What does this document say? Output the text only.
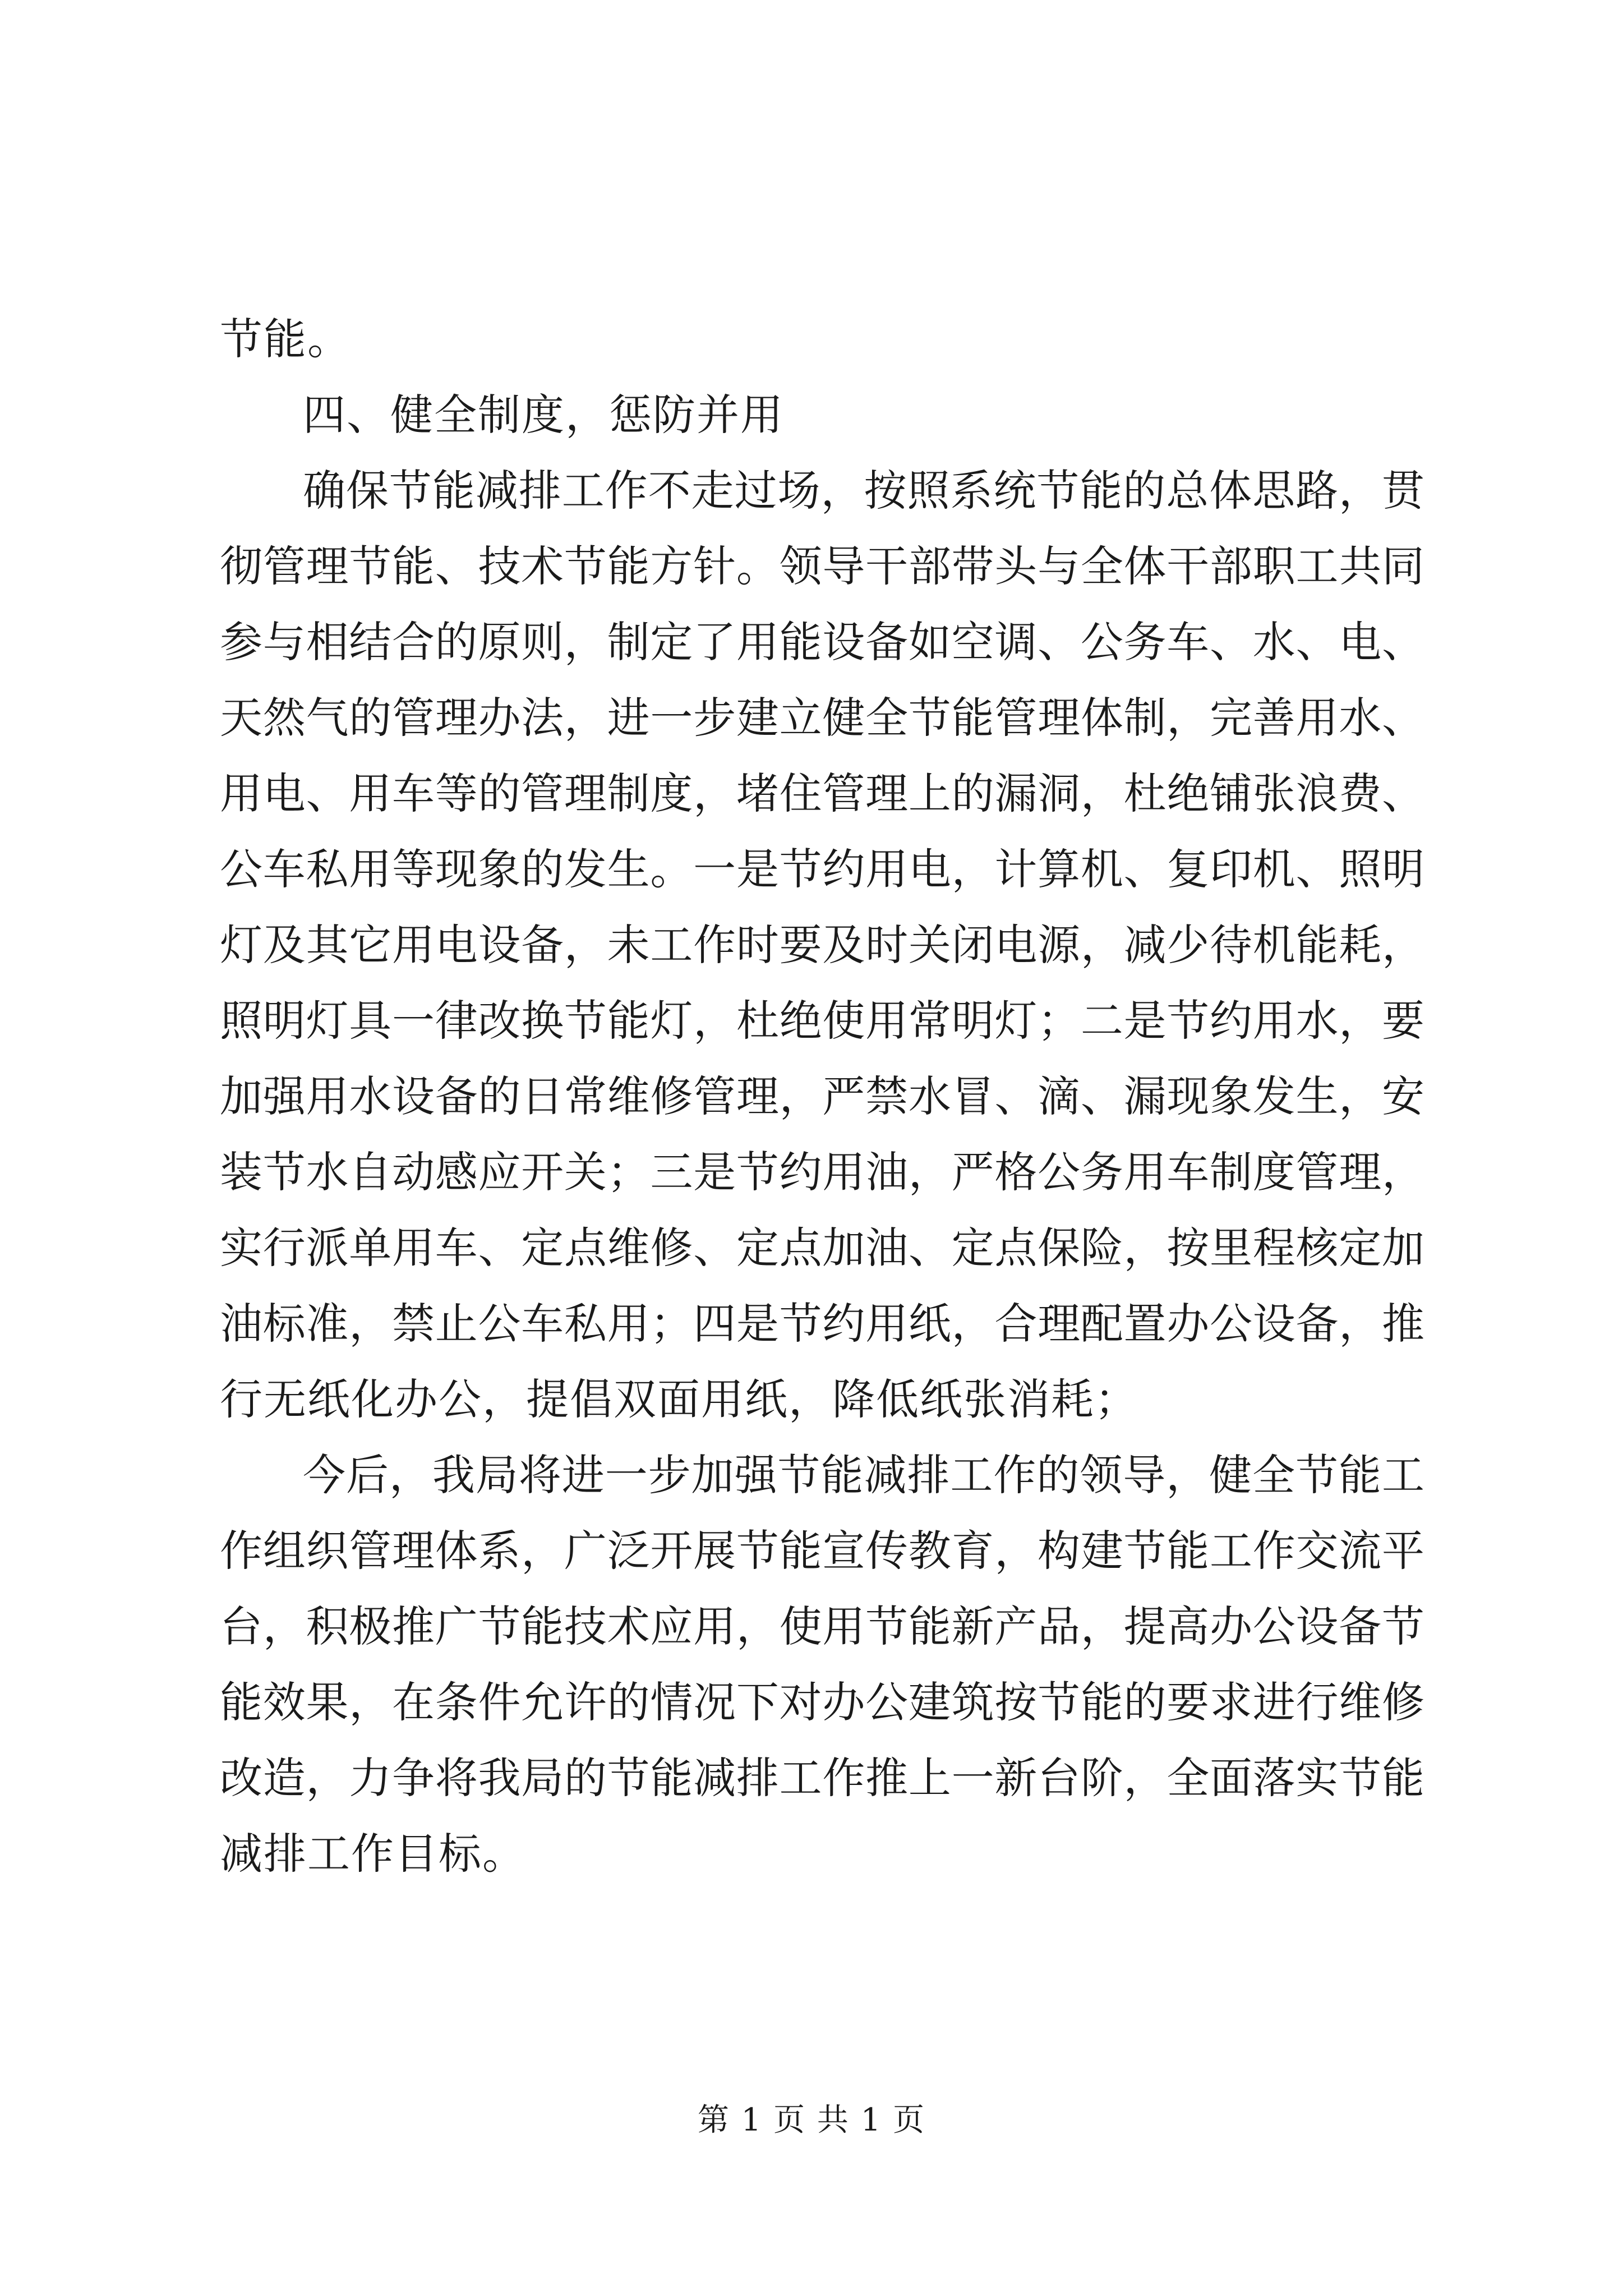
节能。
四、健全制度，惩防并用
确保节能减排工作不走过场，按照系统节能的总体思路，贯
彻管理节能、技术节能方针。领导干部带头与全体干部职工共同
参与相结合的原则，制定了用能设备如空调、公务车、水、电、
天然气的管理办法，进一步建立健全节能管理体制，完善用水、
用电、用车等的管理制度，堵住管理上的漏洞，杜绝铺张浪费、
公车私用等现象的发生。一是节约用电，计算机、复印机、照明
灯及其它用电设备，未工作时要及时关闭电源，减少待机能耗，
照明灯具一律改换节能灯，杜绝使用常明灯；二是节约用水，要
加强用水设备的日常维修管理，严禁水冒、滴、漏现象发生，安
装节水自动感应开关；三是节约用油，严格公务用车制度管理，
实行派单用车、定点维修、定点加油、定点保险，按里程核定加
油标准，禁止公车私用；四是节约用纸，合理配置办公设备，推
行无纸化办公，提倡双面用纸，降低纸张消耗；
今后，我局将进一步加强节能减排工作的领导，健全节能工
作组织管理体系，广泛开展节能宣传教育，构建节能工作交流平
台，积极推广节能技术应用，使用节能新产品，提高办公设备节
能效果，在条件允许的情况下对办公建筑按节能的要求进行维修
改造，力争将我局的节能减排工作推上一新台阶，全面落实节能
减排工作目标。
第 1 页 共 1 页
